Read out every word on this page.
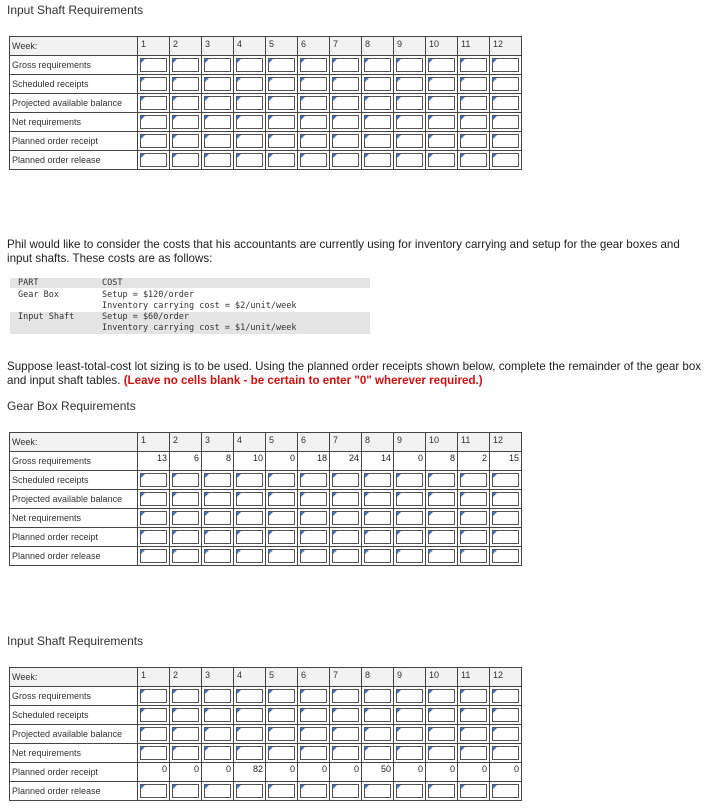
Input Shaft Requirements
Week:	1	2	3	4	5	6	7	8	9	10	11	12

Gross requirements	

Scheduled receipts	

Projected available balance	

Net requirements	

Planned order receipt	

Planned order release	

Phil would like to consider the costs that his accountants are currently using for inventory carrying and setup for the gear boxes and input shafts. These costs are as follows:
PART	COST
Gear Box	Setup = $120/order
Inventory carrying cost = $2/unit/week
Input Shaft	Setup = $60/order
Inventory carrying cost = $1/unit/week
Suppose least-total-cost lot sizing is to be used. Using the planned order receipts shown below, complete the remainder of the gear box and input shaft tables. (Leave no cells blank - be certain to enter "0" wherever required.)
Gear Box Requirements
Week:	1	2	3	4	5	6	7	8	9	10	11	12

Gross requirements	13	6	8	10	0	18	24	14	0	8	2	15

Scheduled receipts	

Projected available balance	

Net requirements	

Planned order receipt	

Planned order release	

Input Shaft Requirements
Week:	1	2	3	4	5	6	7	8	9	10	11	12

Gross requirements	

Scheduled receipts	

Projected available balance	

Net requirements	

Planned order receipt	0	0	0	82	0	0	0	50	0	0	0	0

Planned order release	
